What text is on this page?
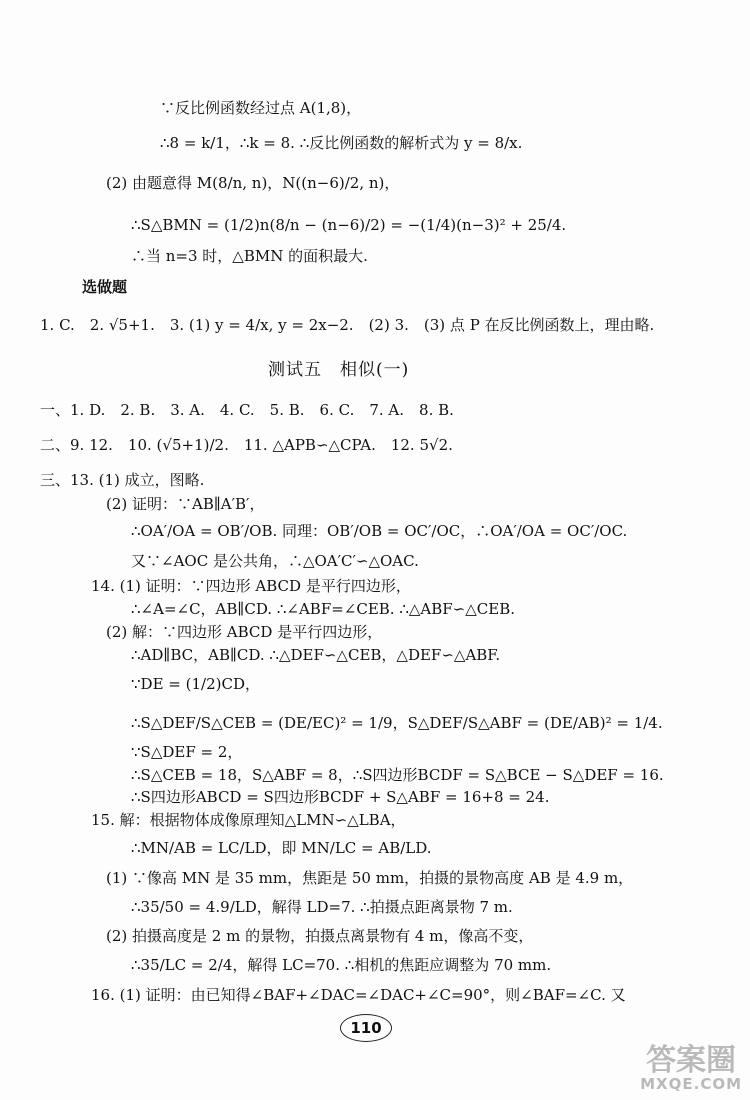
∵反比例函数经过点 A(1,8)，
∴8 = k/1，∴k = 8. ∴反比例函数的解析式为 y = 8/x.
(2) 由题意得 M(8/n, n)，N((n−6)/2, n)，
∴S△BMN = (1/2)n(8/n − (n−6)/2) = −(1/4)(n−3)² + 25/4.
∴当 n=3 时，△BMN 的面积最大.
选做题
1. C.　2. √5+1.　3. (1) y = 4/x, y = 2x−2.　(2) 3.　(3) 点 P 在反比例函数上，理由略.
测试五　相似(一)
一、1. D.　2. B.　3. A.　4. C.　5. B.　6. C.　7. A.　8. B.
二、9. 12.　10. (√5+1)/2.　11. △APB∽△CPA.　12. 5√2.
三、13. (1) 成立，图略.
(2) 证明：∵AB∥A′B′，
∴OA′/OA = OB′/OB. 同理：OB′/OB = OC′/OC，∴OA′/OA = OC′/OC.
又∵∠AOC 是公共角，∴△OA′C′∽△OAC.
14. (1) 证明：∵四边形 ABCD 是平行四边形，
∴∠A=∠C，AB∥CD. ∴∠ABF=∠CEB. ∴△ABF∽△CEB.
(2) 解：∵四边形 ABCD 是平行四边形，
∴AD∥BC，AB∥CD. ∴△DEF∽△CEB，△DEF∽△ABF.
∵DE = (1/2)CD，
∴S△DEF/S△CEB = (DE/EC)² = 1/9，S△DEF/S△ABF = (DE/AB)² = 1/4.
∵S△DEF = 2，
∴S△CEB = 18，S△ABF = 8，∴S四边形BCDF = S△BCE − S△DEF = 16.
∴S四边形ABCD = S四边形BCDF + S△ABF = 16+8 = 24.
15. 解：根据物体成像原理知△LMN∽△LBA，
∴MN/AB = LC/LD，即 MN/LC = AB/LD.
(1) ∵像高 MN 是 35 mm，焦距是 50 mm，拍摄的景物高度 AB 是 4.9 m，
∴35/50 = 4.9/LD，解得 LD=7. ∴拍摄点距离景物 7 m.
(2) 拍摄高度是 2 m 的景物，拍摄点离景物有 4 m，像高不变，
∴35/LC = 2/4，解得 LC=70. ∴相机的焦距应调整为 70 mm.
16. (1) 证明：由已知得∠BAF+∠DAC=∠DAC+∠C=90°，则∠BAF=∠C. 又
110
答案圈
MXQE.COM
